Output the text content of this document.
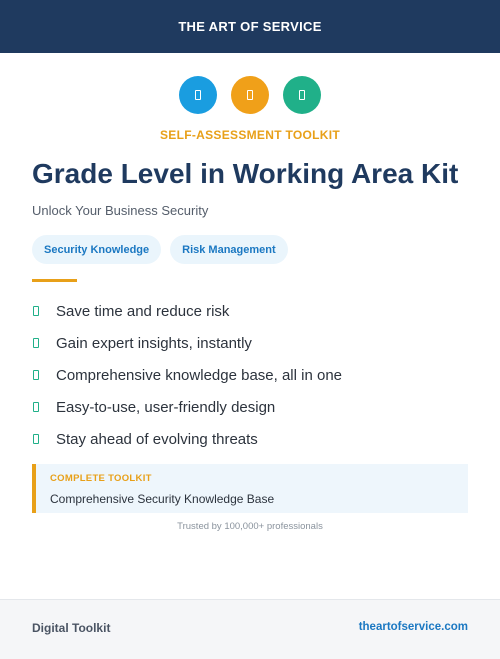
THE ART OF SERVICE
SELF-ASSESSMENT TOOLKIT
Grade Level in Working Area Kit
Unlock Your Business Security
Security Knowledge	Risk Management
Save time and reduce risk
Gain expert insights, instantly
Comprehensive knowledge base, all in one
Easy-to-use, user-friendly design
Stay ahead of evolving threats
COMPLETE TOOLKIT
Comprehensive Security Knowledge Base
Trusted by 100,000+ professionals
Digital Toolkit	theartofservice.com
